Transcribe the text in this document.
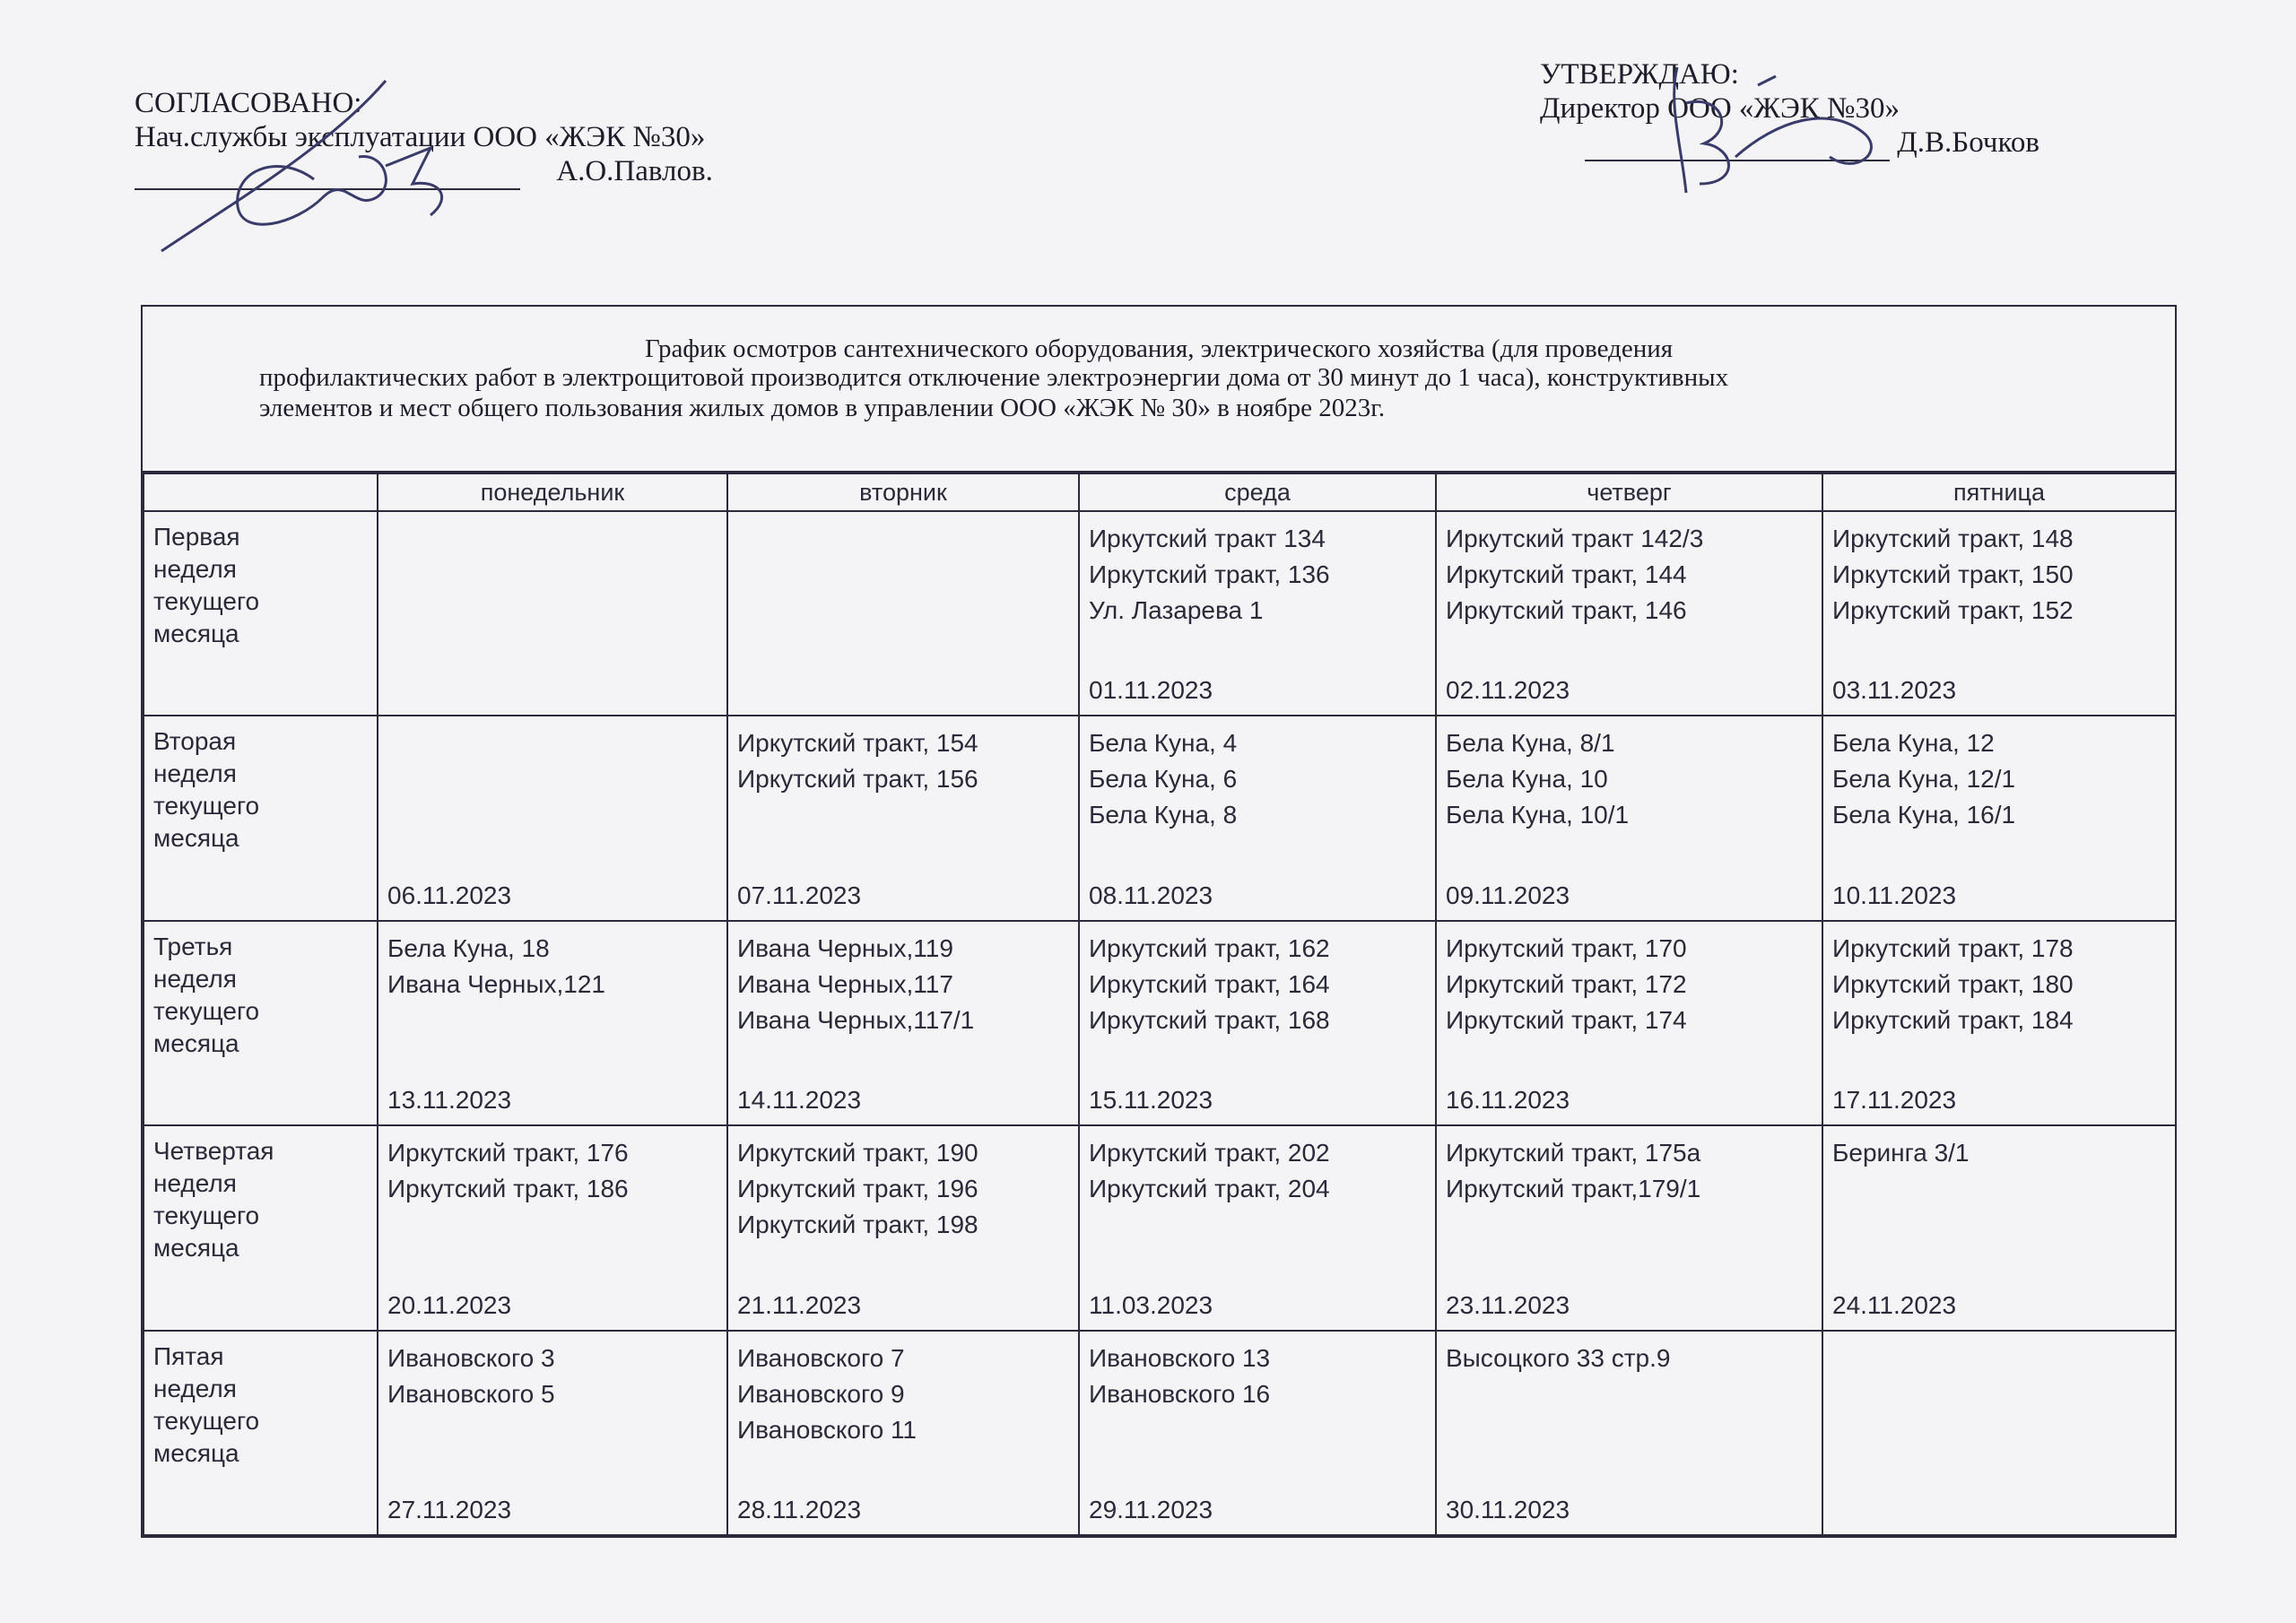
СОГЛАСОВАНО:
Нач.службы эксплуатации ООО «ЖЭК №30»
А.О.Павлов.
УТВЕРЖДАЮ:
Директор ООО «ЖЭК №30»
Д.В.Бочков
График осмотров сантехнического оборудования, электрического хозяйства (для проведения
профилактических работ в электрощитовой производится отключение электроэнергии дома от 30 минут до 1 часа), конструктивных
элементов и мест общего пользования жилых домов в управлении ООО «ЖЭК № 30» в ноябре 2023г.
	понедельник	вторник	среда	четверг	пятница

Первая
неделя
текущего
месяца			Иркутский тракт 134
Иркутский тракт, 136
Ул. Лазарева 1
01.11.2023	Иркутский тракт 142/3
Иркутский тракт, 144
Иркутский тракт, 146
02.11.2023	Иркутский тракт, 148
Иркутский тракт, 150
Иркутский тракт, 152
03.11.2023

Вторая
неделя
текущего
месяца	06.11.2023	Иркутский тракт, 154
Иркутский тракт, 156
07.11.2023	Бела Куна, 4
Бела Куна, 6
Бела Куна, 8
08.11.2023	Бела Куна, 8/1
Бела Куна, 10
Бела Куна, 10/1
09.11.2023	Бела Куна, 12
Бела Куна, 12/1
Бела Куна, 16/1
10.11.2023

Третья
неделя
текущего
месяца	Бела Куна, 18
Ивана Черных,121
13.11.2023	Ивана Черных,119
Ивана Черных,117
Ивана Черных,117/1
14.11.2023	Иркутский тракт, 162
Иркутский тракт, 164
Иркутский тракт, 168
15.11.2023	Иркутский тракт, 170
Иркутский тракт, 172
Иркутский тракт, 174
16.11.2023	Иркутский тракт, 178
Иркутский тракт, 180
Иркутский тракт, 184
17.11.2023

Четвертая
неделя
текущего
месяца	Иркутский тракт, 176
Иркутский тракт, 186
20.11.2023	Иркутский тракт, 190
Иркутский тракт, 196
Иркутский тракт, 198
21.11.2023	Иркутский тракт, 202
Иркутский тракт, 204
11.03.2023	Иркутский тракт, 175а
Иркутский тракт,179/1
23.11.2023	Беринга 3/1
24.11.2023

Пятая
неделя
текущего
месяца	Ивановского 3
Ивановского 5
27.11.2023	Ивановского 7
Ивановского 9
Ивановского 11
28.11.2023	Ивановского 13
Ивановского 16
29.11.2023	Высоцкого 33 стр.9
30.11.2023	
